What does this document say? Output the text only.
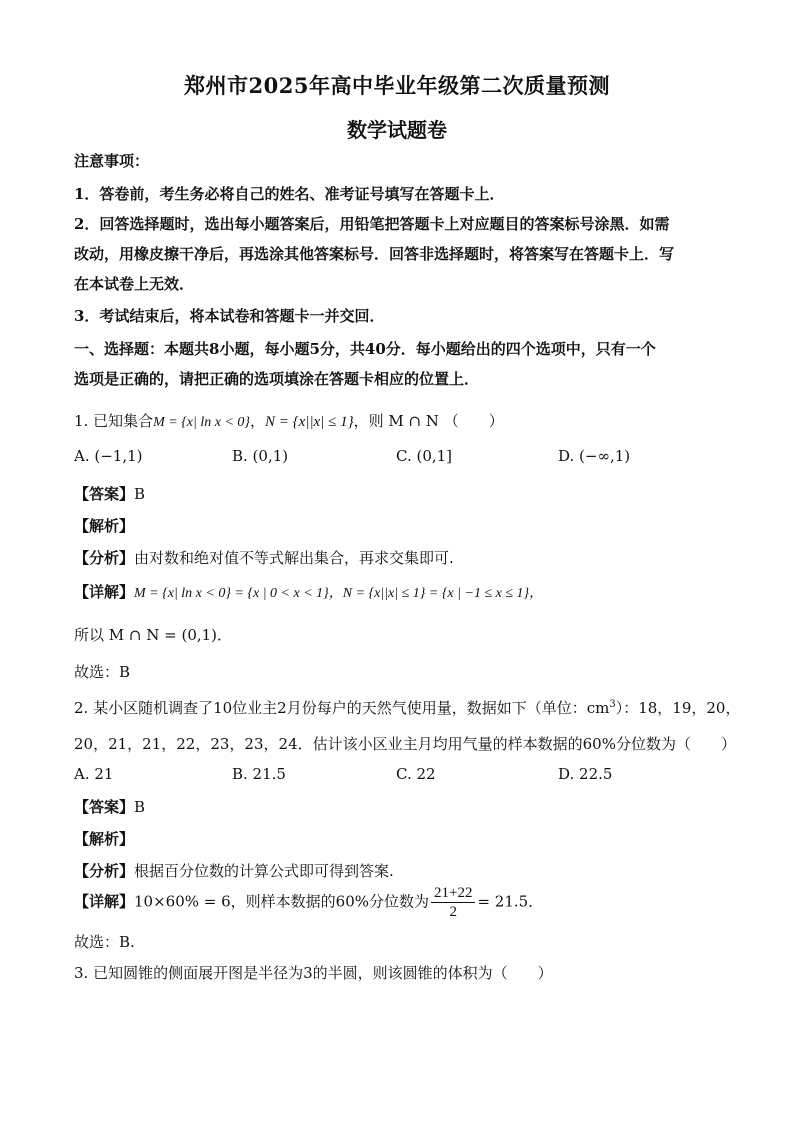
郑州市2025年高中毕业年级第二次质量预测
数学试题卷
注意事项：
1．答卷前，考生务必将自己的姓名、准考证号填写在答题卡上．
2．回答选择题时，选出每小题答案后，用铅笔把答题卡上对应题目的答案标号涂黑．如需
改动，用橡皮擦干净后，再选涂其他答案标号．回答非选择题时，将答案写在答题卡上．写
在本试卷上无效．
3．考试结束后，将本试卷和答题卡一并交回．
一、选择题：本题共8小题，每小题5分，共40分．每小题给出的四个选项中，只有一个
选项是正确的，请把正确的选项填涂在答题卡相应的位置上．
1. 已知集合M = {x| ln x < 0}，N = {x||x| ≤ 1}，则 M ∩ N （　　）
A. (−1,1)	B. (0,1)	C. (0,1]	D. (−∞,1)
【答案】B
【解析】
【分析】由对数和绝对值不等式解出集合，再求交集即可.
【详解】M = {x| ln x < 0} = {x | 0 < x < 1}，N = {x||x| ≤ 1} = {x | −1 ≤ x ≤ 1}，
所以 M ∩ N = (0,1)．
故选：B
2. 某小区随机调查了10位业主2月份每户的天然气使用量，数据如下（单位：$cm^3$）：18，19，20，
20，21，21，22，23，23，24．估计该小区业主月均用气量的样本数据的60%分位数为（　　）
A. 21	B. 21.5	C. 22	D. 22.5
【答案】B
【解析】
【分析】根据百分位数的计算公式即可得到答案.
【详解】10×60% = 6，则样本数据的60%分位数为 $\frac{21+22}{2} = 21.5$．
故选：B.
3. 已知圆锥的侧面展开图是半径为3的半圆，则该圆锥的体积为（　　）
